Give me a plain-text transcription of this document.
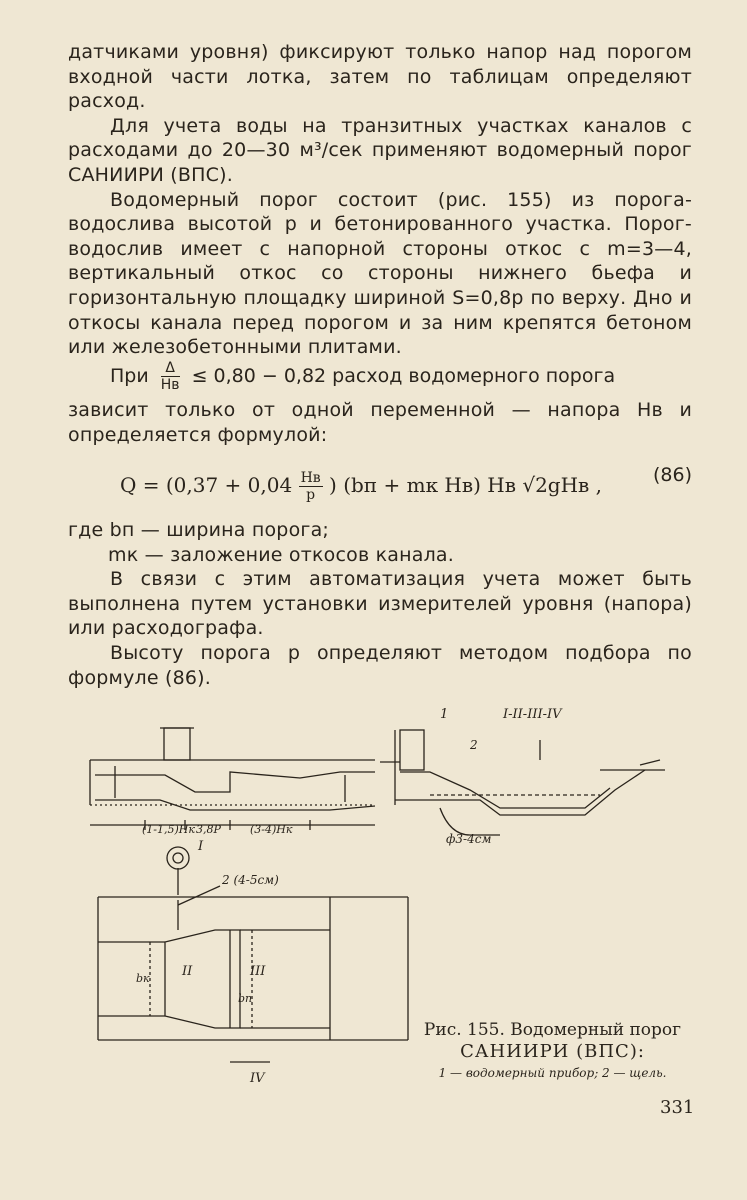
датчиками уровня) фиксируют только напор над порогом входной части лотка, затем по таблицам определяют расход.
Для учета воды на транзитных участках каналов с расходами до 20—30 м³/сек применяют водомерный порог САНИИРИ (ВПС).
Водомерный порог состоит (рис. 155) из порога-водослива высотой p и бетонированного участка. Порог-водослив имеет с напорной стороны откос с m=3—4, вертикальный откос со стороны нижнего бьефа и горизонтальную площадку шириной S=0,8p по верху. Дно и откосы канала перед порогом и за ним крепятся бетоном или железобетонными плитами.
При $\frac{\Delta}{Hв} \le 0,80 - 0,82$ расход водомерного порога
зависит только от одной переменной — напора Hв и определяется формулой:
$Q = (0,37 + 0,04 \frac{Hв}{p}$ ) (bп + mк Hв) Hв √2gHв ,	(86)
где bп — ширина порога;
mк — заложение откосов канала.
В связи с этим автоматизация учета может быть выполнена путем установки измерителей уровня (напора) или расходографа.
Высоту порога p определяют методом подбора по формуле (86).
(1-1,5)Hк 3,8P	(3-4)Hк
I
2 (4-5см)
II	III
IV
bк
bп
1	I-II-III-IV
2
ф3-4см
Рис. 155. Водомерный порог
САНИИРИ (ВПС):
1 — водомерный прибор; 2 — щель.
331
